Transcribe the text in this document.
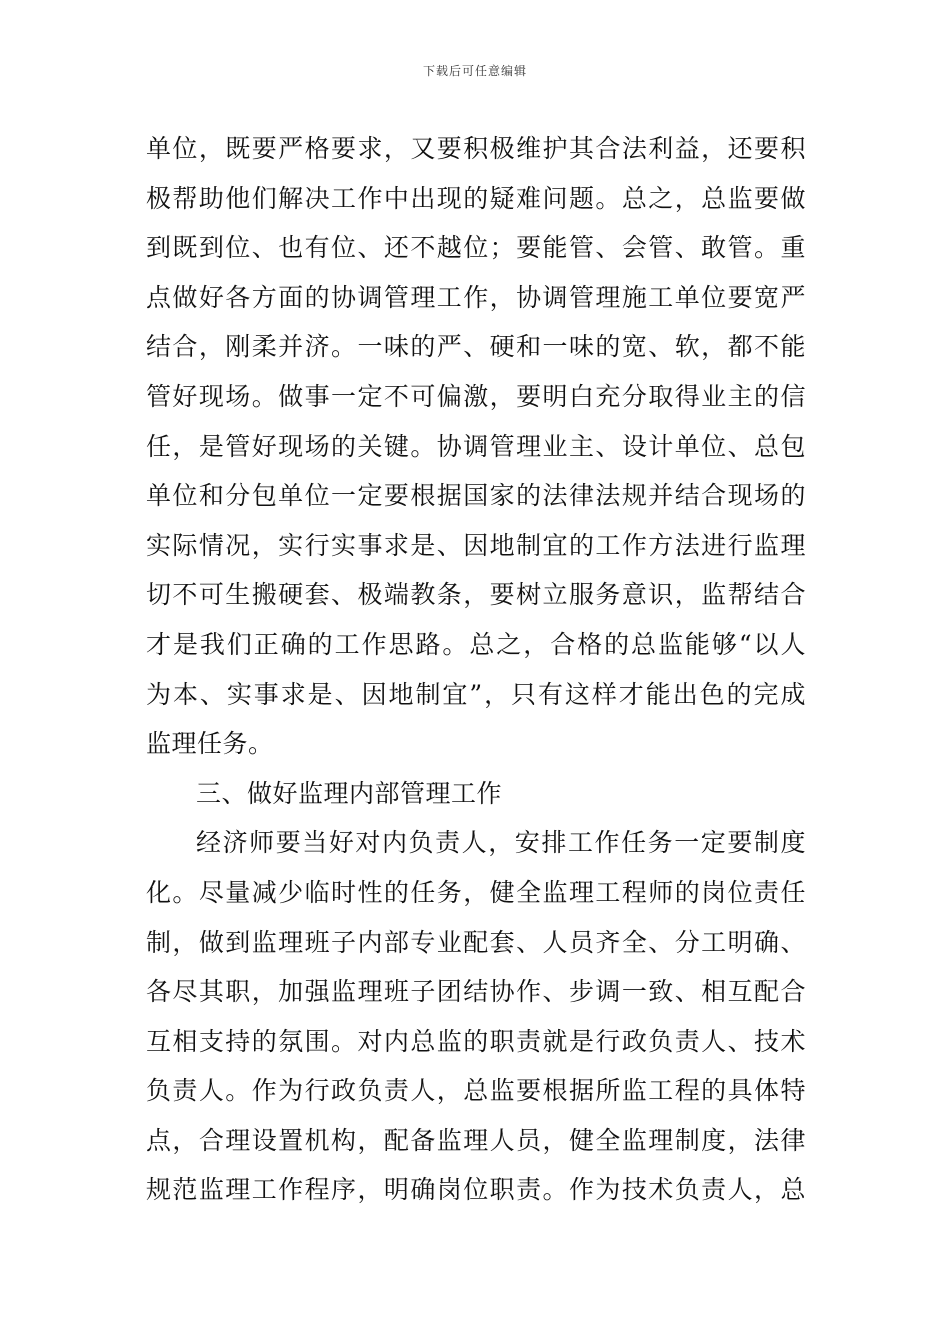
下载后可任意编辑
单位，既要严格要求，又要积极维护其合法利益，还要积
极帮助他们解决工作中出现的疑难问题。总之，总监要做
到既到位、也有位、还不越位；要能管、会管、敢管。重
点做好各方面的协调管理工作，协调管理施工单位要宽严
结合，刚柔并济。一味的严、硬和一味的宽、软，都不能
管好现场。做事一定不可偏激，要明白充分取得业主的信
任，是管好现场的关键。协调管理业主、设计单位、总包
单位和分包单位一定要根据国家的法律法规并结合现场的
实际情况，实行实事求是、因地制宜的工作方法进行监理
切不可生搬硬套、极端教条，要树立服务意识，监帮结合
才是我们正确的工作思路。总之，合格的总监能够“以人
为本、实事求是、因地制宜”，只有这样才能出色的完成
监理任务。
三、做好监理内部管理工作
经济师要当好对内负责人，安排工作任务一定要制度
化。尽量减少临时性的任务，健全监理工程师的岗位责任
制，做到监理班子内部专业配套、人员齐全、分工明确、
各尽其职，加强监理班子团结协作、步调一致、相互配合
互相支持的氛围。对内总监的职责就是行政负责人、技术
负责人。作为行政负责人，总监要根据所监工程的具体特
点，合理设置机构，配备监理人员，健全监理制度，法律
规范监理工作程序，明确岗位职责。作为技术负责人，总
